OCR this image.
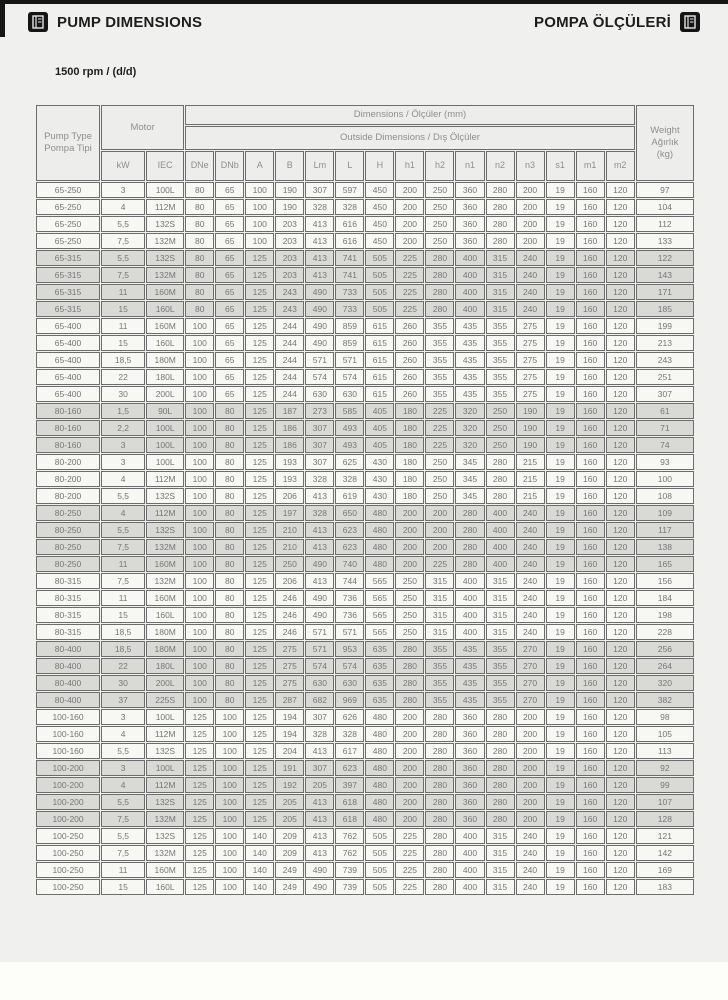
PUMP DIMENSIONS	POMPA ÖLÇÜLERİ
1500 rpm / (d/d)
Pump Type
Pompa Tipi
	Motor	Dimensions / Ölçüler (mm)	
Weight
Ağırlık
(kg)

			Outside Dimensions / Dış Ölçüler															
	kW	IEC	DNe	DNb	A	B	Lm	L	H	h1	h2	n1	n2	n3	s1	m1	m2	
65-250	3	100L	80	65	100	190	307	597	450	200	250	360	280	200	19	160	120	97
65-250	4	112M	80	65	100	190	328	328	450	200	250	360	280	200	19	160	120	104
65-250	5,5	132S	80	65	100	203	413	616	450	200	250	360	280	200	19	160	120	112
65-250	7,5	132M	80	65	100	203	413	616	450	200	250	360	280	200	19	160	120	133
65-315	5,5	132S	80	65	125	203	413	741	505	225	280	400	315	240	19	160	120	122
65-315	7,5	132M	80	65	125	203	413	741	505	225	280	400	315	240	19	160	120	143
65-315	11	160M	80	65	125	243	490	733	505	225	280	400	315	240	19	160	120	171
65-315	15	160L	80	65	125	243	490	733	505	225	280	400	315	240	19	160	120	185
65-400	11	160M	100	65	125	244	490	859	615	260	355	435	355	275	19	160	120	199
65-400	15	160L	100	65	125	244	490	859	615	260	355	435	355	275	19	160	120	213
65-400	18,5	180M	100	65	125	244	571	571	615	260	355	435	355	275	19	160	120	243
65-400	22	180L	100	65	125	244	574	574	615	260	355	435	355	275	19	160	120	251
65-400	30	200L	100	65	125	244	630	630	615	260	355	435	355	275	19	160	120	307
80-160	1,5	90L	100	80	125	187	273	585	405	180	225	320	250	190	19	160	120	61
80-160	2,2	100L	100	80	125	186	307	493	405	180	225	320	250	190	19	160	120	71
80-160	3	100L	100	80	125	186	307	493	405	180	225	320	250	190	19	160	120	74
80-200	3	100L	100	80	125	193	307	625	430	180	250	345	280	215	19	160	120	93
80-200	4	112M	100	80	125	193	328	328	430	180	250	345	280	215	19	160	120	100
80-200	5,5	132S	100	80	125	206	413	619	430	180	250	345	280	215	19	160	120	108
80-250	4	112M	100	80	125	197	328	650	480	200	200	280	400	240	19	160	120	109
80-250	5,5	132S	100	80	125	210	413	623	480	200	200	280	400	240	19	160	120	117
80-250	7,5	132M	100	80	125	210	413	623	480	200	200	280	400	240	19	160	120	138
80-250	11	160M	100	80	125	250	490	740	480	200	225	280	400	240	19	160	120	165
80-315	7,5	132M	100	80	125	206	413	744	565	250	315	400	315	240	19	160	120	156
80-315	11	160M	100	80	125	246	490	736	565	250	315	400	315	240	19	160	120	184
80-315	15	160L	100	80	125	246	490	736	565	250	315	400	315	240	19	160	120	198
80-315	18,5	180M	100	80	125	246	571	571	565	250	315	400	315	240	19	160	120	228
80-400	18,5	180M	100	80	125	275	571	953	635	280	355	435	355	270	19	160	120	256
80-400	22	180L	100	80	125	275	574	574	635	280	355	435	355	270	19	160	120	264
80-400	30	200L	100	80	125	275	630	630	635	280	355	435	355	270	19	160	120	320
80-400	37	225S	100	80	125	287	682	969	635	280	355	435	355	270	19	160	120	382
100-160	3	100L	125	100	125	194	307	626	480	200	280	360	280	200	19	160	120	98
100-160	4	112M	125	100	125	194	328	328	480	200	280	360	280	200	19	160	120	105
100-160	5,5	132S	125	100	125	204	413	617	480	200	280	360	280	200	19	160	120	113
100-200	3	100L	125	100	125	191	307	623	480	200	280	360	280	200	19	160	120	92
100-200	4	112M	125	100	125	192	205	397	480	200	280	360	280	200	19	160	120	99
100-200	5,5	132S	125	100	125	205	413	618	480	200	280	360	280	200	19	160	120	107
100-200	7,5	132M	125	100	125	205	413	618	480	200	280	360	280	200	19	160	120	128
100-250	5,5	132S	125	100	140	209	413	762	505	225	280	400	315	240	19	160	120	121
100-250	7,5	132M	125	100	140	209	413	762	505	225	280	400	315	240	19	160	120	142
100-250	11	160M	125	100	140	249	490	739	505	225	280	400	315	240	19	160	120	169
100-250	15	160L	125	100	140	249	490	739	505	225	280	400	315	240	19	160	120	183
